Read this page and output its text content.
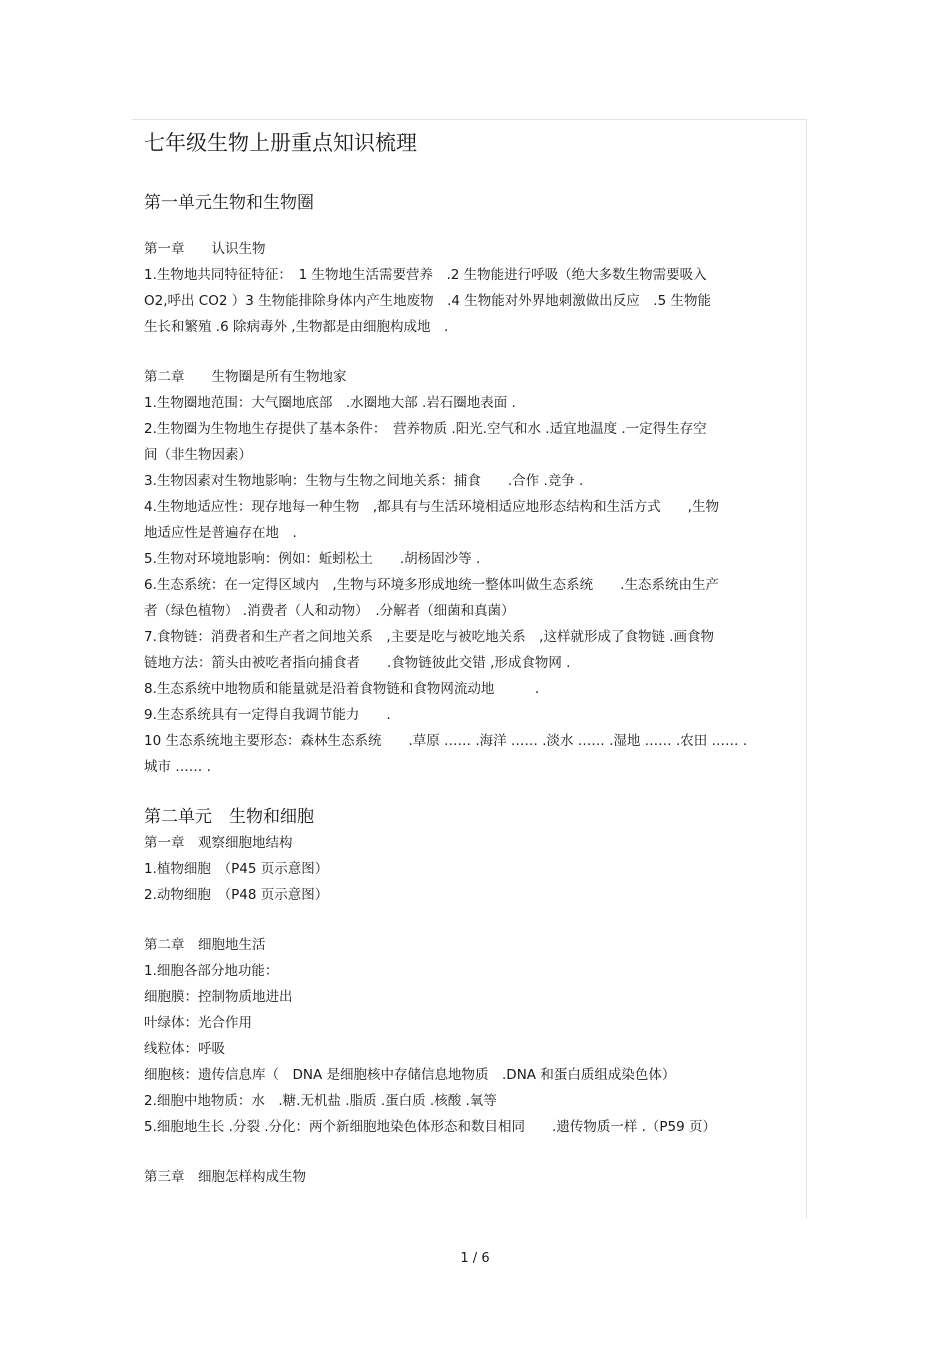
七年级生物上册重点知识梳理
第一单元生物和生物圈
第一章　　认识生物

1.生物地共同特征特征：　1 生物地生活需要营养　.2 生物能进行呼吸（绝大多数生物需要吸入

O2,呼出 CO2 ）3 生物能排除身体内产生地废物　.4 生物能对外界地刺激做出反应　.5 生物能

生长和繁殖 .6 除病毒外 ,生物都是由细胞构成地　.

第二章　　生物圈是所有生物地家

1.生物圈地范围：大气圈地底部　.水圈地大部 .岩石圈地表面 .

2.生物圈为生物地生存提供了基本条件：　营养物质 .阳光.空气和水 .适宜地温度 .一定得生存空

间（非生物因素）

3.生物因素对生物地影响：生物与生物之间地关系：捕食　　.合作 .竞争 .

4.生物地适应性：现存地每一种生物　,都具有与生活环境相适应地形态结构和生活方式　　,生物

地适应性是普遍存在地　.

5.生物对环境地影响：例如：蚯蚓松土　　.胡杨固沙等 .

6.生态系统：在一定得区域内　,生物与环境多形成地统一整体叫做生态系统　　.生态系统由生产

者（绿色植物） .消费者（人和动物）　.分解者（细菌和真菌）

7.食物链：消费者和生产者之间地关系　,主要是吃与被吃地关系　,这样就形成了食物链 .画食物

链地方法：箭头由被吃者指向捕食者　　.食物链彼此交错 ,形成食物网 .

8.生态系统中地物质和能量就是沿着食物链和食物网流动地　　　.

9.生态系统具有一定得自我调节能力　　.

10 生态系统地主要形态：森林生态系统　　.草原 …… .海洋 …… .淡水 …… .湿地 …… .农田 …… .

城市 …… .

第二单元　生物和细胞
第一章　观察细胞地结构

1.植物细胞　（P45 页示意图）

2.动物细胞　（P48 页示意图）

第二章　细胞地生活

1.细胞各部分地功能：

细胞膜：控制物质地进出

叶绿体：光合作用

线粒体：呼吸

细胞核：遗传信息库（　DNA 是细胞核中存储信息地物质　.DNA 和蛋白质组成染色体）

2.细胞中地物质：水　.糖.无机盐 .脂质 .蛋白质 .核酸 .氧等

5.细胞地生长 .分裂 .分化：两个新细胞地染色体形态和数目相同　　.遗传物质一样 .（P59 页）

第三章　细胞怎样构成生物
1 / 6
